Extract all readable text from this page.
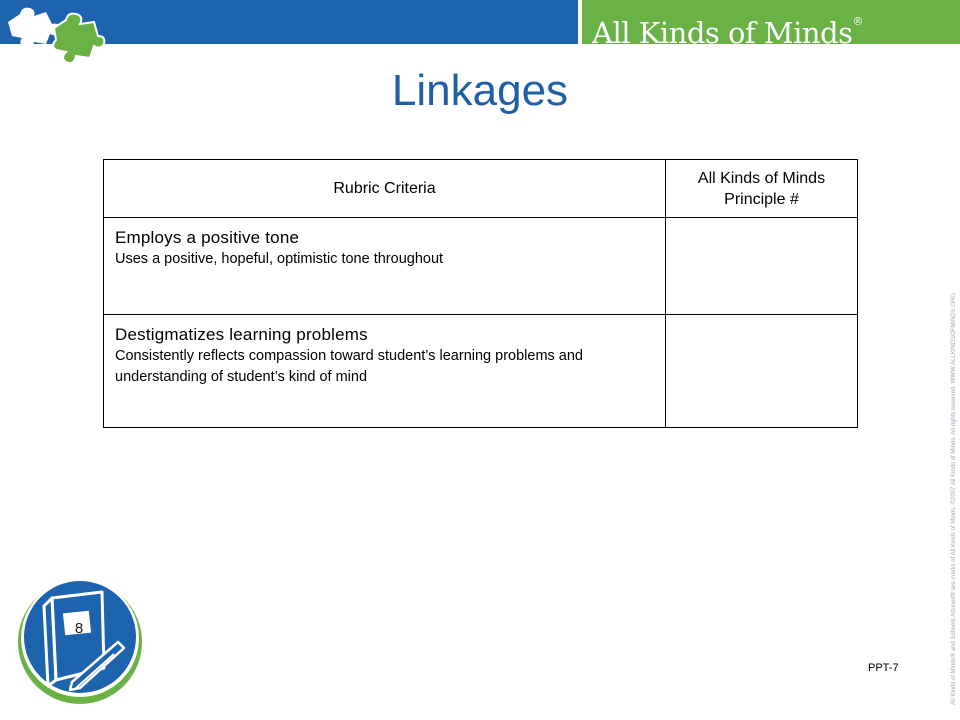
All Kinds of Minds®
Linkages
Rubric Criteria	All Kinds of Minds Principle #

Employs a positive tone
Uses a positive, hopeful, optimistic tone throughout	

Destigmatizes learning problems
Consistently reflects compassion toward student’s learning problems and understanding of student’s kind of mind	

8
PPT-7	All Kinds of Minds® and Schools Attuned® are marks of All Kinds of Minds. ©2007 All Kinds of Minds. All rights reserved. WWW.ALLKINDSOFMINDS.ORG
